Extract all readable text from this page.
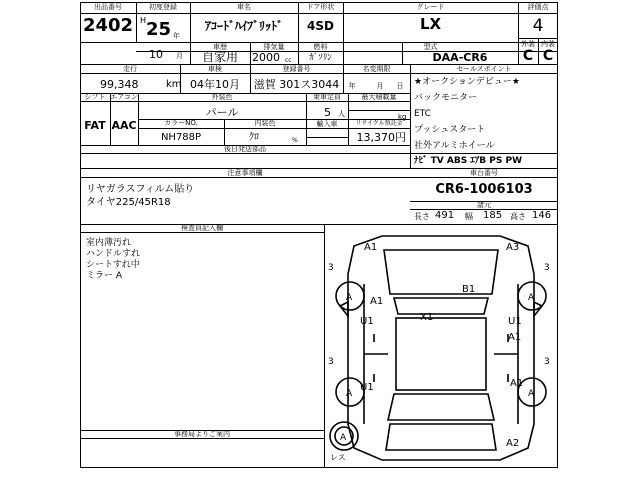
出品番号
2402
初度登録
H 25 年
10	月
車名
ｱｺｰﾄﾞﾊｲﾌﾞﾘｯﾄﾞ
ドア形状
4SD
グレード
LX
評価点
4
外装 内装
C C
車歴
自家用
排気量
2000 cc
燃料
ｶﾞｿﾘﾝ
型式
DAA-CR6
走行
99,348	km
車検
04年10月
登録番号
滋賀 301ス3044
名変期限
年	月	日
シフト
FAT
エアコン
AAC
外装色
パール
カラーNO.
NH788P
内装色
ｸﾛ	%
乗車定員
5 人
輸入車
最大積載量
kg
リサイクル預託金
13,370円
後日発送部品
セールスポイント
★オークションデビュー★
バックモニター
ETC
プッシュスタート
社外アルミホイール
ﾅﾋﾞ TV ABS ｴｱB PS PW
注意事項欄
リヤガラスフィルム貼り
タイヤ225/45R18
車台番号
CR6-1006103
諸元
長さ 491 幅 185 高さ 146
検査員記入欄
室内薄汚れ
ハンドルすれ
シートすれ中
ミラー A
事務局よりご案内
A1	A3
3	3
3	3
A	A
A	A
A1
B1
X1
U1	U1
A1
U1	A1
A2
A
レス
